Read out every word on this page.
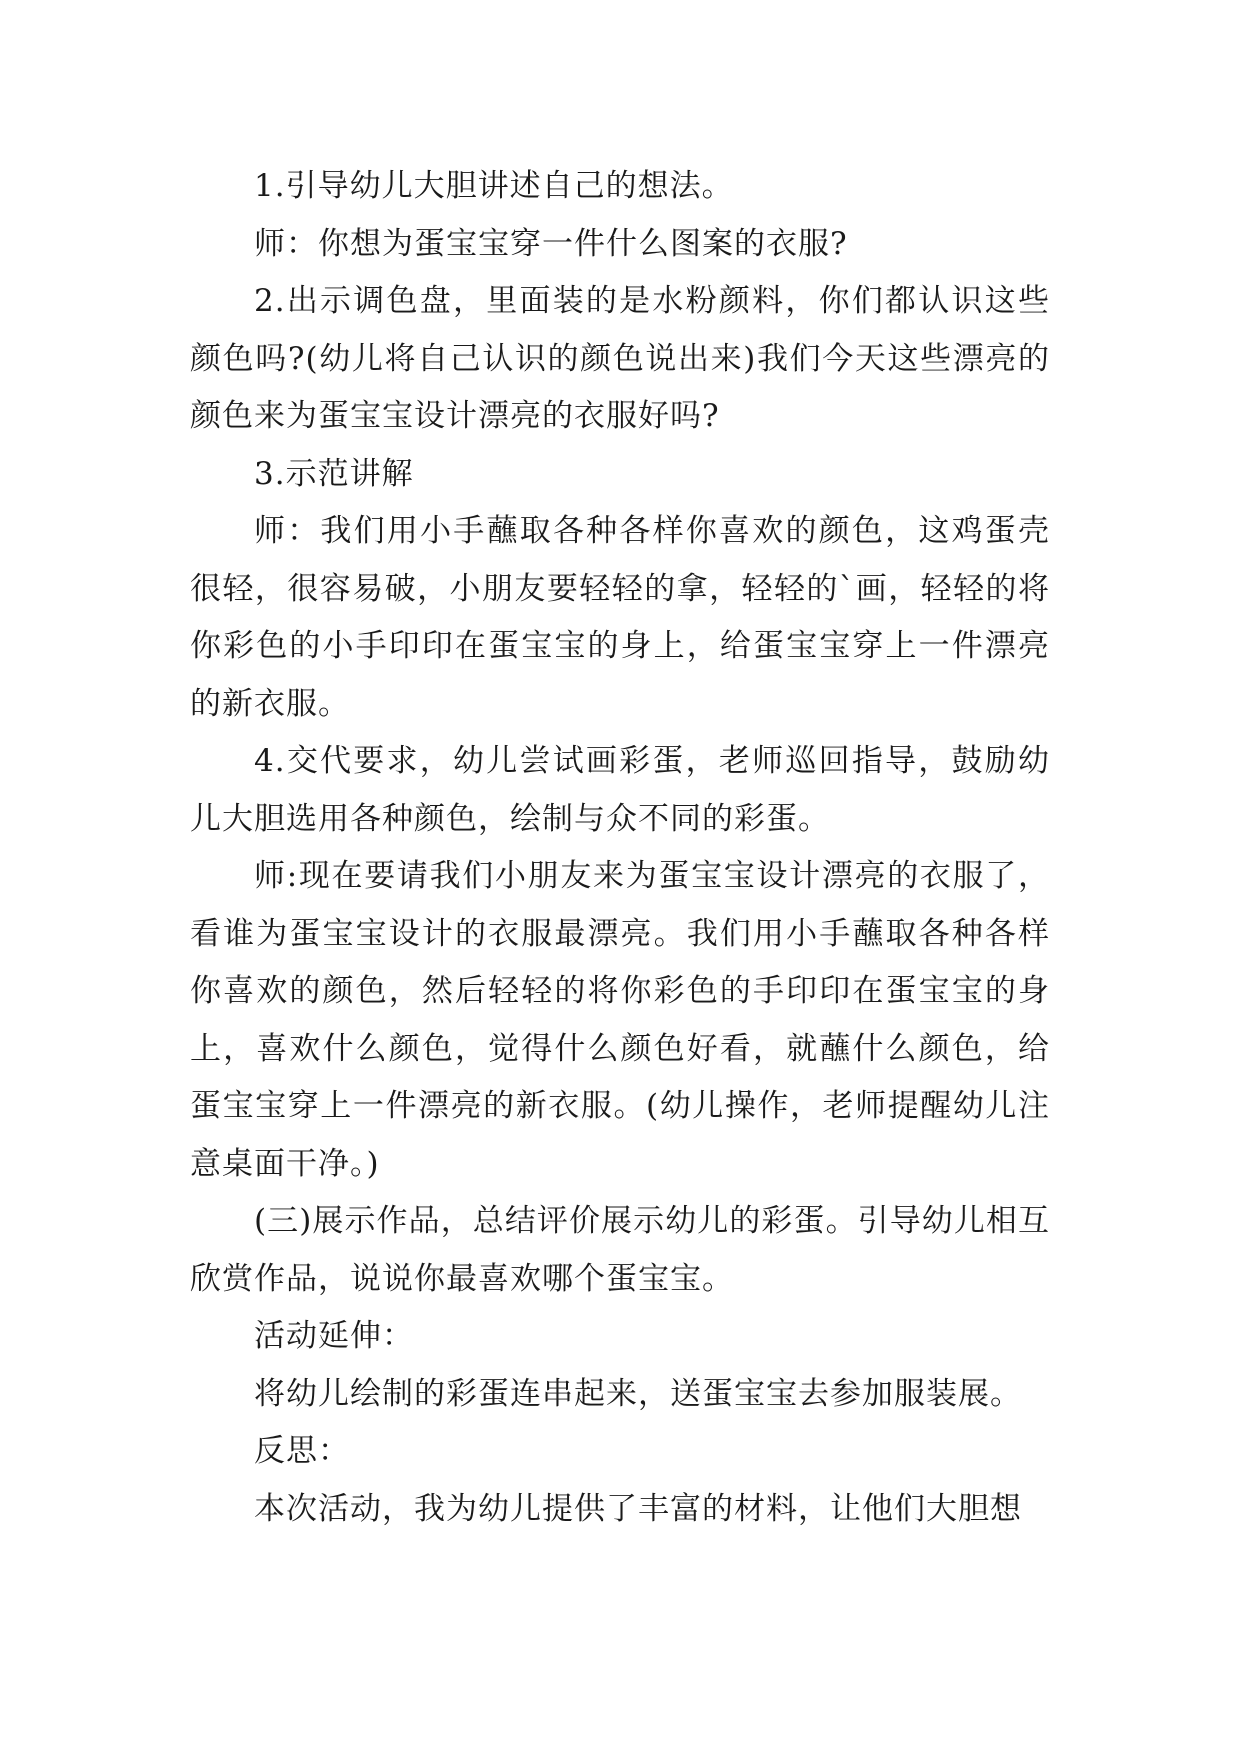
1.引导幼儿大胆讲述自己的想法。

师：你想为蛋宝宝穿一件什么图案的衣服?

2.出示调色盘，里面装的是水粉颜料，你们都认识这些颜色吗?(幼儿将自己认识的颜色说出来)我们今天这些漂亮的颜色来为蛋宝宝设计漂亮的衣服好吗?

3.示范讲解

师：我们用小手蘸取各种各样你喜欢的颜色，这鸡蛋壳很轻，很容易破，小朋友要轻轻的拿，轻轻的`画，轻轻的将你彩色的小手印印在蛋宝宝的身上，给蛋宝宝穿上一件漂亮的新衣服。

4.交代要求，幼儿尝试画彩蛋，老师巡回指导，鼓励幼儿大胆选用各种颜色，绘制与众不同的彩蛋。

师:现在要请我们小朋友来为蛋宝宝设计漂亮的衣服了，看谁为蛋宝宝设计的衣服最漂亮。我们用小手蘸取各种各样你喜欢的颜色，然后轻轻的将你彩色的手印印在蛋宝宝的身上，喜欢什么颜色，觉得什么颜色好看，就蘸什么颜色，给蛋宝宝穿上一件漂亮的新衣服。(幼儿操作，老师提醒幼儿注意桌面干净。)

(三)展示作品，总结评价展示幼儿的彩蛋。引导幼儿相互欣赏作品，说说你最喜欢哪个蛋宝宝。

活动延伸：

将幼儿绘制的彩蛋连串起来，送蛋宝宝去参加服装展。

反思：

本次活动，我为幼儿提供了丰富的材料，让他们大胆想
